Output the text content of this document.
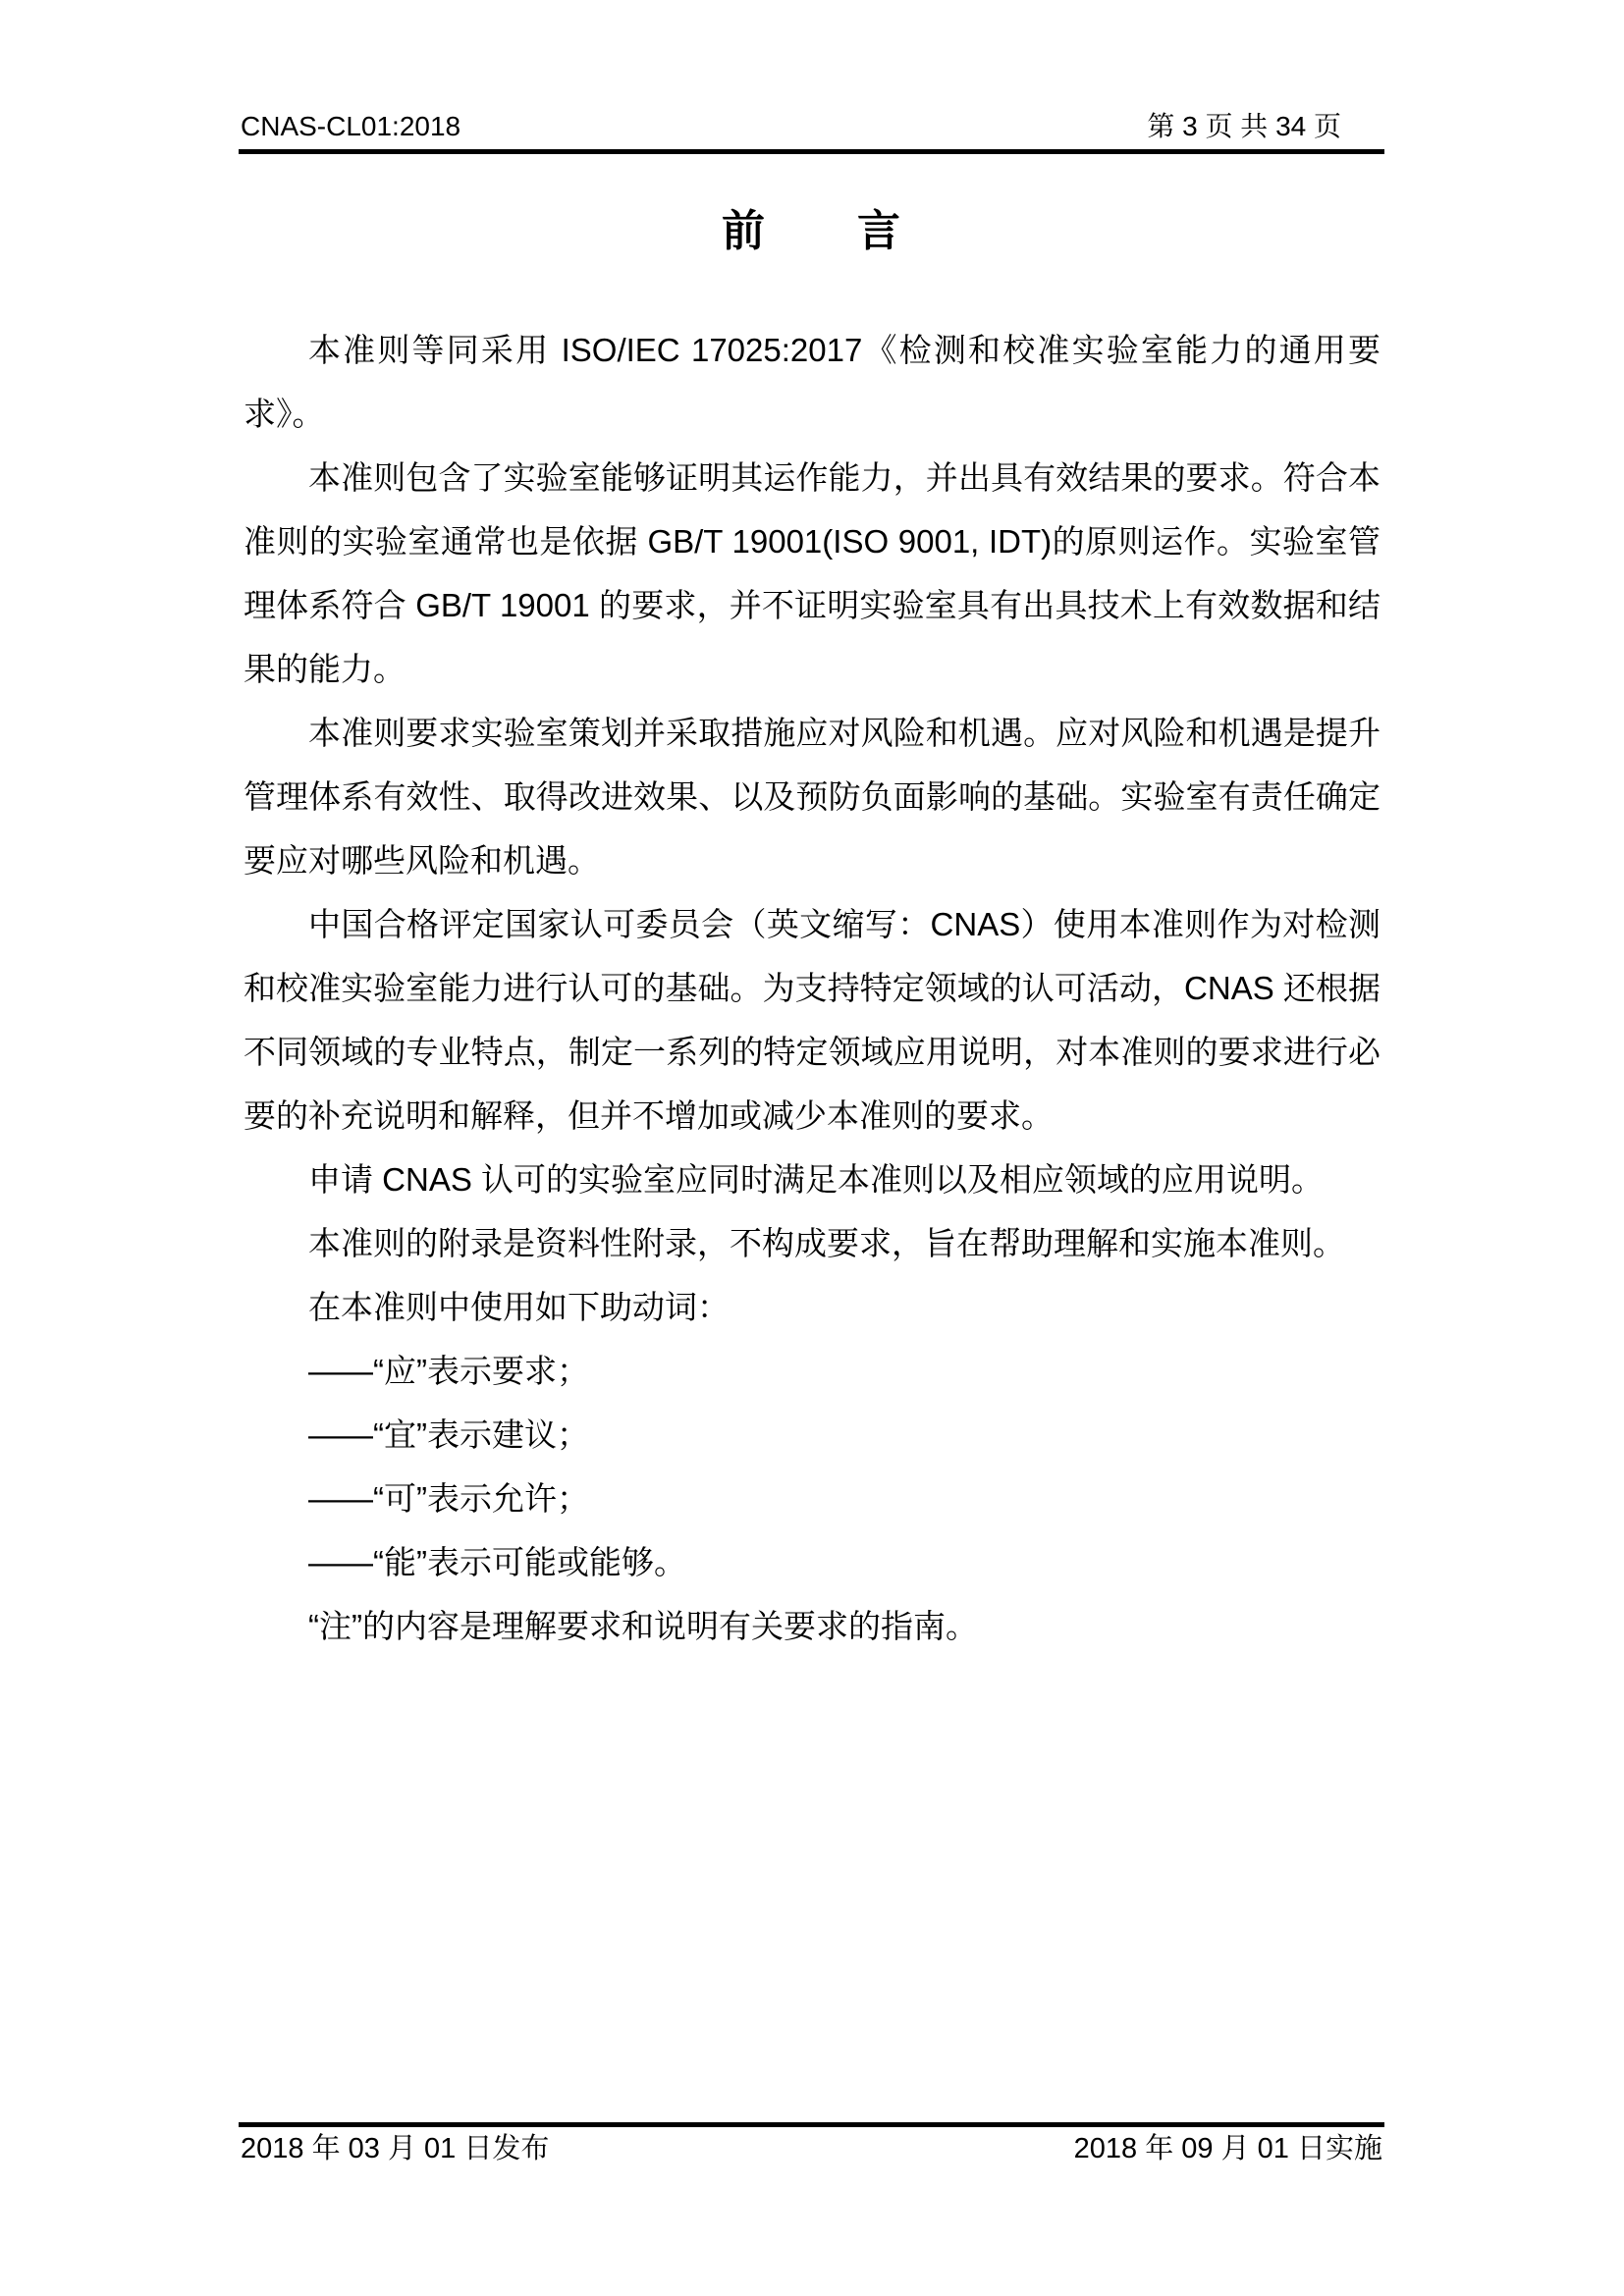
CNAS-CL01:2018	第 3 页 共 34 页
前　　言

本准则等同采用 ISO/IEC 17025:2017《检测和校准实验室能力的通用要求》。

本准则包含了实验室能够证明其运作能力，并出具有效结果的要求。符合本准则的实验室通常也是依据 GB/T 19001(ISO 9001, IDT)的原则运作。实验室管理体系符合 GB/T 19001 的要求，并不证明实验室具有出具技术上有效数据和结果的能力。

本准则要求实验室策划并采取措施应对风险和机遇。应对风险和机遇是提升管理体系有效性、取得改进效果、以及预防负面影响的基础。实验室有责任确定要应对哪些风险和机遇。

中国合格评定国家认可委员会（英文缩写：CNAS）使用本准则作为对检测和校准实验室能力进行认可的基础。为支持特定领域的认可活动，CNAS 还根据不同领域的专业特点，制定一系列的特定领域应用说明，对本准则的要求进行必要的补充说明和解释，但并不增加或减少本准则的要求。

申请 CNAS 认可的实验室应同时满足本准则以及相应领域的应用说明。

本准则的附录是资料性附录，不构成要求，旨在帮助理解和实施本准则。

在本准则中使用如下助动词：

——“应”表示要求；

——“宜”表示建议；

——“可”表示允许；

——“能”表示可能或能够。

“注”的内容是理解要求和说明有关要求的指南。

2018 年 03 月 01 日发布	2018 年 09 月 01 日实施
